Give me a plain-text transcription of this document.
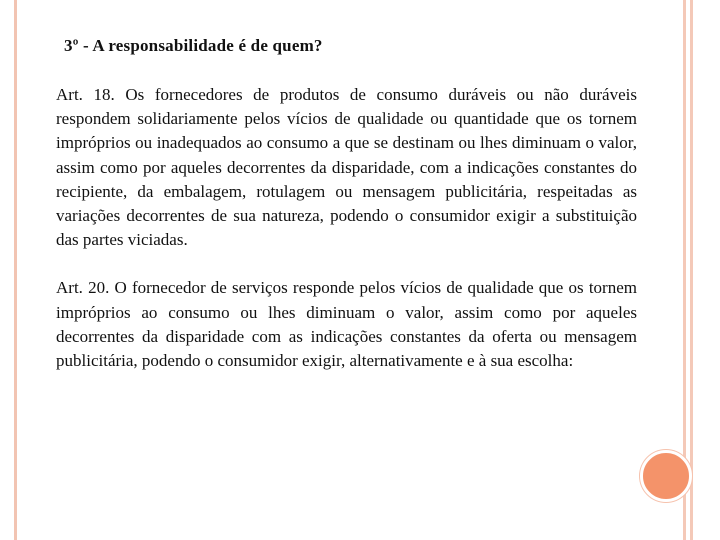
3º - A responsabilidade é de quem?

Art. 18. Os fornecedores de produtos de consumo duráveis ou não duráveis respondem solidariamente pelos vícios de qualidade ou quantidade que os tornem impróprios ou inadequados ao consumo a que se destinam ou lhes diminuam o valor, assim como por aqueles decorrentes da disparidade, com a indicações constantes do recipiente, da embalagem, rotulagem ou mensagem publicitária, respeitadas as variações decorrentes de sua natureza, podendo o consumidor exigir a substituição das partes viciadas.

Art. 20. O fornecedor de serviços responde pelos vícios de qualidade que os tornem impróprios ao consumo ou lhes diminuam o valor, assim como por aqueles decorrentes da disparidade com as indicações constantes da oferta ou mensagem publicitária, podendo o consumidor exigir, alternativamente e à sua escolha:
